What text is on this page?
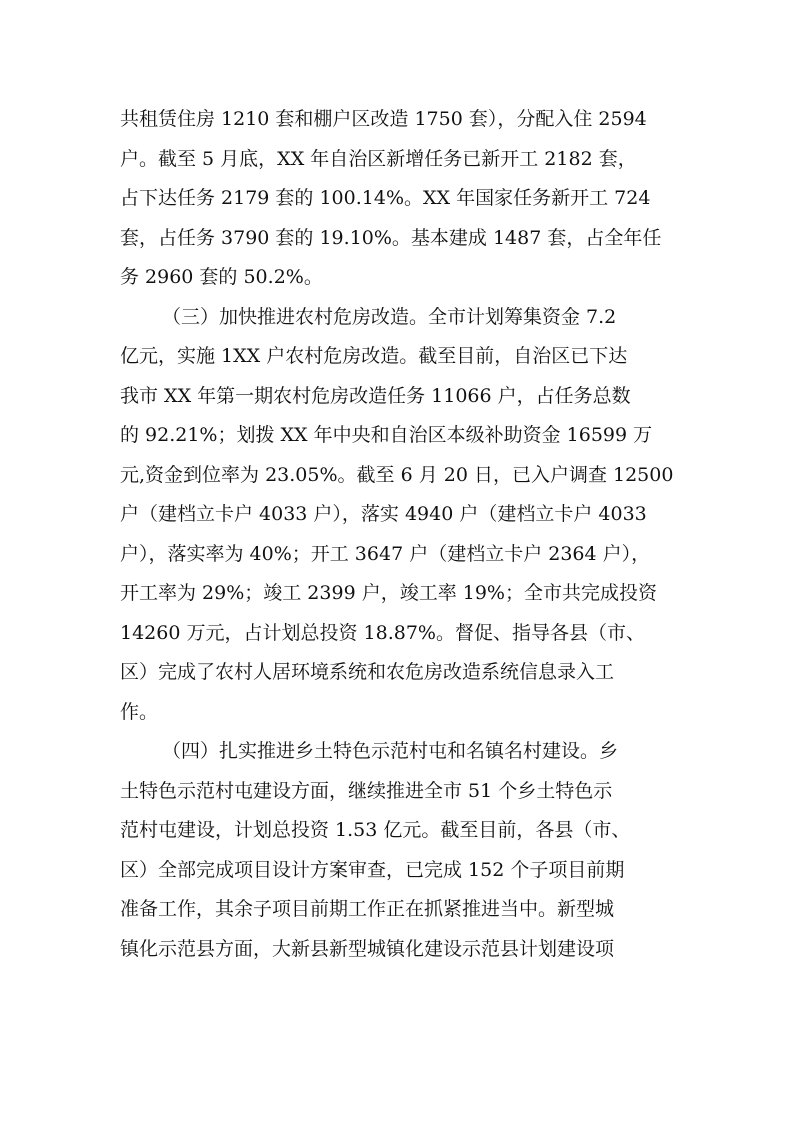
共租赁住房 1210 套和棚户区改造 1750 套），分配入住 2594
户。截至 5 月底，XX 年自治区新增任务已新开工 2182 套，
占下达任务 2179 套的 100.14%。XX 年国家任务新开工 724
套，占任务 3790 套的 19.10%。基本建成 1487 套，占全年任
务 2960 套的 50.2%。
（三）加快推进农村危房改造。全市计划筹集资金 7.2
亿元，实施 1XX 户农村危房改造。截至目前，自治区已下达
我市 XX 年第一期农村危房改造任务 11066 户，占任务总数
的 92.21%；划拨 XX 年中央和自治区本级补助资金 16599 万
元,资金到位率为 23.05%。截至 6 月 20 日，已入户调查 12500
户（建档立卡户 4033 户），落实 4940 户（建档立卡户 4033
户），落实率为 40%；开工 3647 户（建档立卡户 2364 户），
开工率为 29%；竣工 2399 户，竣工率 19%；全市共完成投资
14260 万元，占计划总投资 18.87%。督促、指导各县（市、
区）完成了农村人居环境系统和农危房改造系统信息录入工
作。
（四）扎实推进乡土特色示范村屯和名镇名村建设。乡
土特色示范村屯建设方面，继续推进全市 51 个乡土特色示
范村屯建设，计划总投资 1.53 亿元。截至目前，各县（市、
区）全部完成项目设计方案审查，已完成 152 个子项目前期
准备工作，其余子项目前期工作正在抓紧推进当中。新型城
镇化示范县方面，大新县新型城镇化建设示范县计划建设项
